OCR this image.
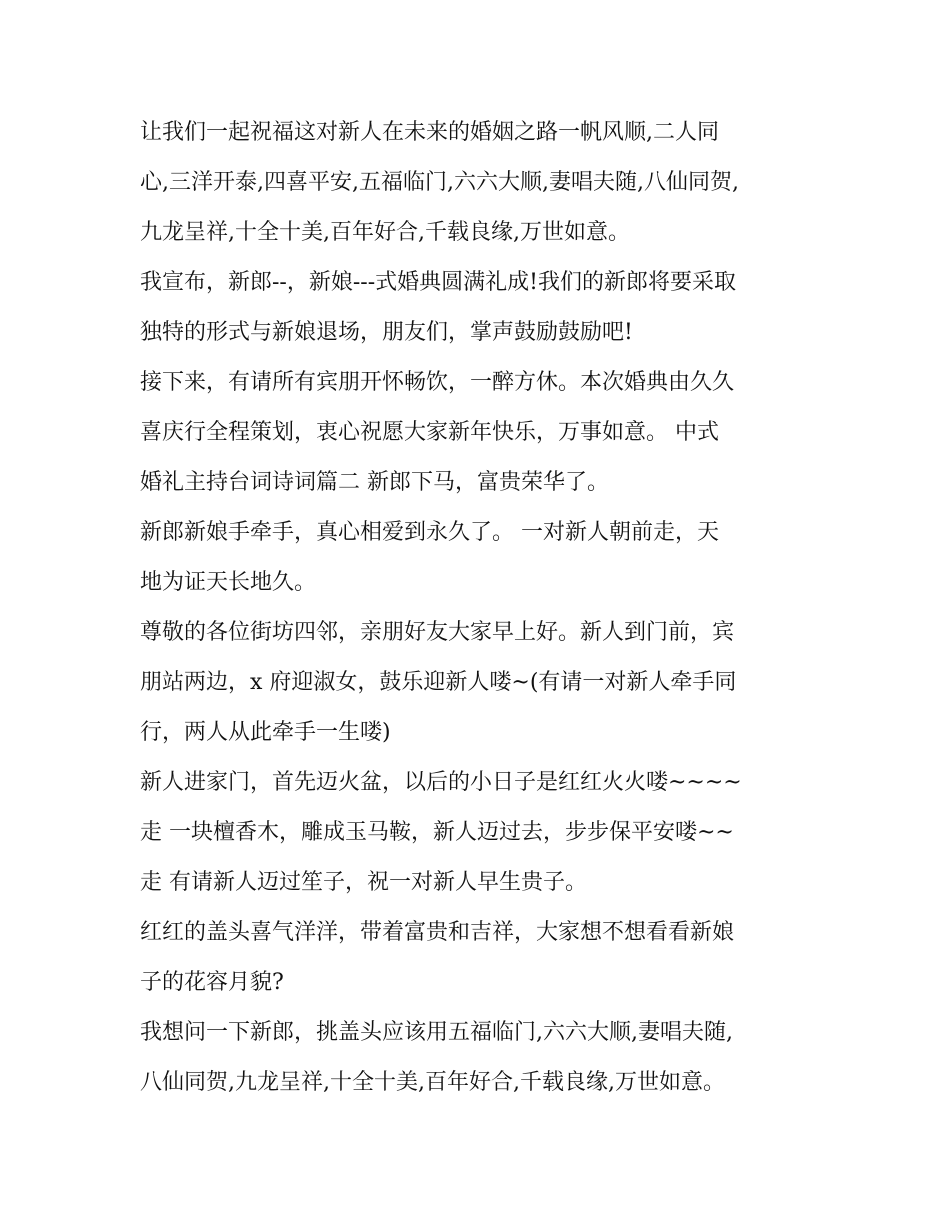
让我们一起祝福这对新人在未来的婚姻之路一帆风顺,二人同
心,三洋开泰,四喜平安,五福临门,六六大顺,妻唱夫随,八仙同贺,
九龙呈祥,十全十美,百年好合,千载良缘,万世如意。

我宣布，新郎--，新娘---式婚典圆满礼成!我们的新郎将要采取
独特的形式与新娘退场，朋友们，掌声鼓励鼓励吧!

接下来，有请所有宾朋开怀畅饮，一醉方休。本次婚典由久久
喜庆行全程策划，衷心祝愿大家新年快乐，万事如意。 中式
婚礼主持台词诗词篇二 新郎下马，富贵荣华了。

新郎新娘手牵手，真心相爱到永久了。 一对新人朝前走，天
地为证天长地久。

尊敬的各位街坊四邻，亲朋好友大家早上好。新人到门前，宾
朋站两边，x 府迎淑女，鼓乐迎新人喽~(有请一对新人牵手同
行，两人从此牵手一生喽)

新人进家门，首先迈火盆，以后的小日子是红红火火喽~~~~
走 一块檀香木，雕成玉马鞍，新人迈过去，步步保平安喽~~
走 有请新人迈过笙子，祝一对新人早生贵子。

红红的盖头喜气洋洋，带着富贵和吉祥，大家想不想看看新娘
子的花容月貌?

我想问一下新郎，挑盖头应该用五福临门,六六大顺,妻唱夫随,
八仙同贺,九龙呈祥,十全十美,百年好合,千载良缘,万世如意。
